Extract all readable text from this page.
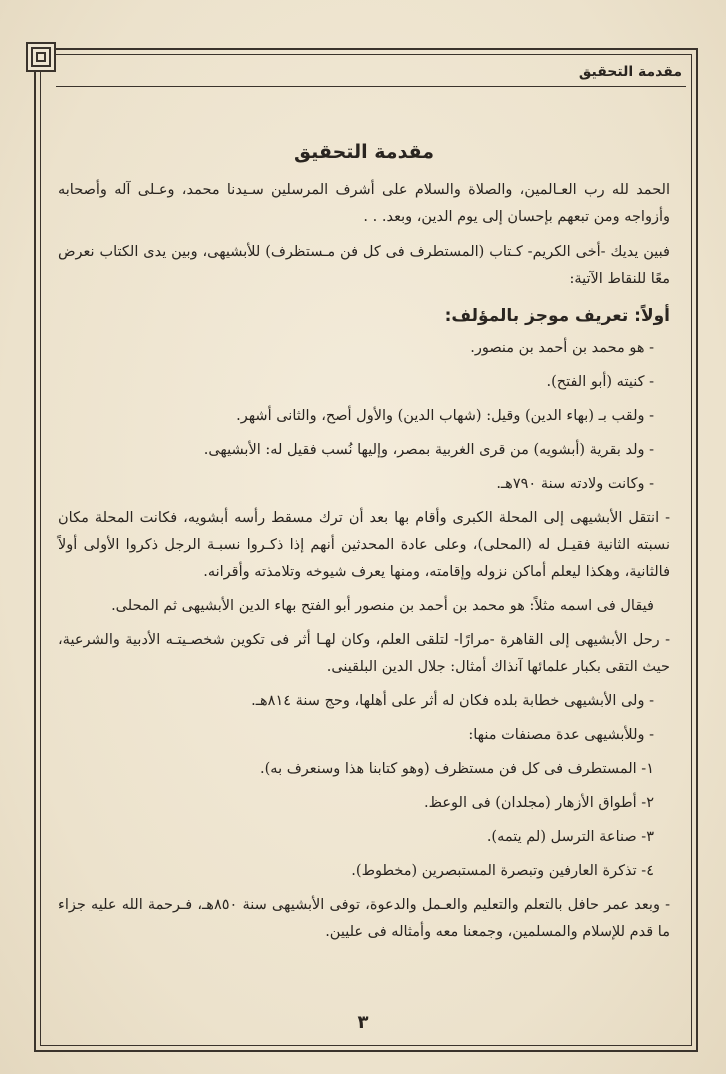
مقدمة التحقيق
مقدمة التحقيق

الحمد لله رب العـالمين، والصلاة والسلام على أشرف المرسلين سـيدنا محمد، وعـلى آله وأصحابه وأزواجه ومن تبعهم بإحسان إلى يوم الدين، وبعد. . .

فبين يديك -أخى الكريم- كـتاب (المستطرف فى كل فن مـستظرف) للأبشيهى، وبين يدى الكتاب نعرض معًا للنقاط الآتية:

أولاً: تعريف موجز بالمؤلف:
- هو محمد بن أحمد بن منصور.
- كنيته (أبو الفتح).
- ولقب بـ (بهاء الدين) وقيل: (شهاب الدين) والأول أصح، والثانى أشهر.
- ولد بقرية (أبشويه) من قرى الغربية بمصر، وإليها نُسب فقيل له: الأبشيهى.
- وكانت ولادته سنة ٧٩٠هـ.
- انتقل الأبشيهى إلى المحلة الكبرى وأقام بها بعد أن ترك مسقط رأسه أبشويه، فكانت المحلة مكان نسبته الثانية فقيـل له (المحلى)، وعلى عادة المحدثين أنهم إذا ذكـروا نسبـة الرجل ذكروا الأولى أولاً فالثانية، وهكذا ليعلم أماكن نزوله وإقامته، ومنها يعرف شيوخه وتلامذته وأقرانه.
فيقال فى اسمه مثلاً: هو محمد بن أحمد بن منصور أبو الفتح بهاء الدين الأبشيهى ثم المحلى.
- رحل الأبشيهى إلى القاهرة -مرارًا- لتلقى العلم، وكان لهـا أثر فى تكوين شخصـيتـه الأدبية والشرعية، حيث التقى بكبار علمائها آنذاك أمثال: جلال الدين البلقينى.
- ولى الأبشيهى خطابة بلده فكان له أثر على أهلها، وحج سنة ٨١٤هـ.
- وللأبشيهى عدة مصنفات منها:
١- المستطرف فى كل فن مستظرف (وهو كتابنا هذا وسنعرف به).
٢- أطواق الأزهار (مجلدان) فى الوعظ.
٣- صناعة الترسل (لم يتمه).
٤- تذكرة العارفين وتبصرة المستبصرين (مخطوط).
- وبعد عمر حافل بالتعلم والتعليم والعـمل والدعوة، توفى الأبشيهى سنة ٨٥٠هـ، فـرحمة الله عليه جزاء ما قدم للإسلام والمسلمين، وجمعنا معه وأمثاله فى عليين.
٣
